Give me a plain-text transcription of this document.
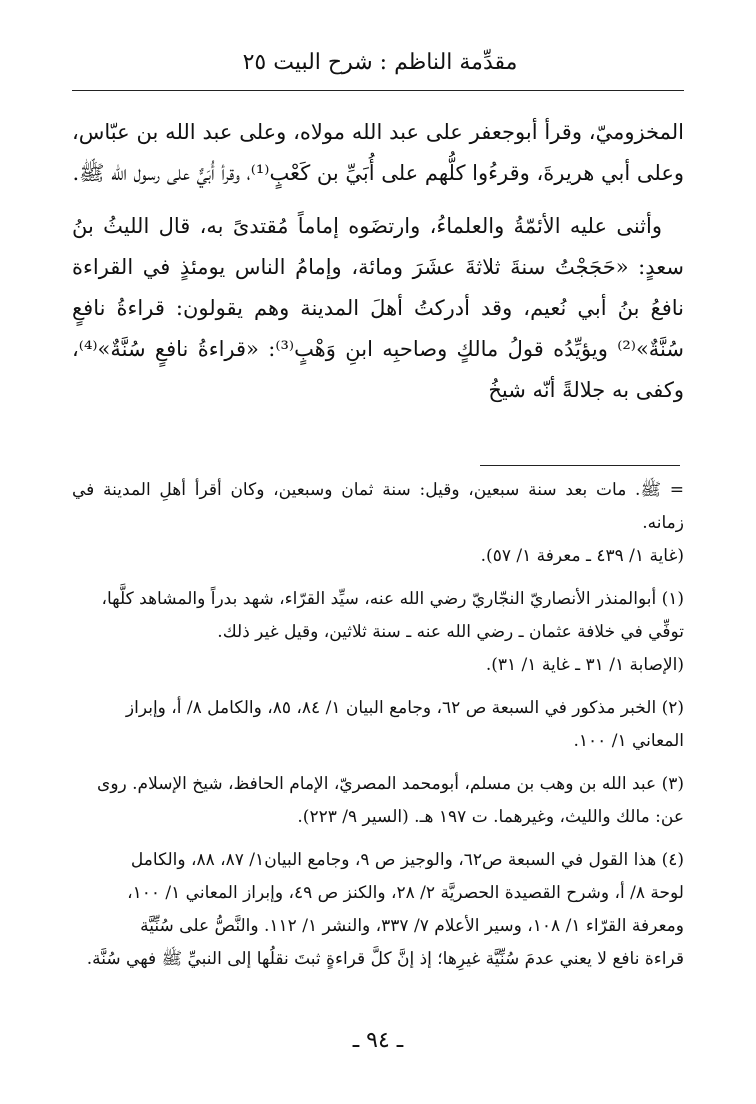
مقدِّمة الناظم : شرح البيت ٢٥

المخزوميّ، وقرأ أبوجعفر على عبد الله مولاه، وعلى عبد الله بن عبّاس، وعلى أبي هريرةَ، وقرءُوا كلُّهم على أُبَيِّ بن كَعْبٍ⁽¹⁾، وقرأ أُبَيٌّ على رسول الله ﷺ.

وأثنى عليه الأئمّةُ والعلماءُ، وارتضَوه إماماً مُقتدىً به، قال الليثُ بنُ سعدٍ: «حَجَجْتُ سنةَ ثلاثةَ عشَرَ ومائة، وإمامُ الناس يومئذٍ في القراءة نافعُ بنُ أبي نُعيم، وقد أدركتُ أهلَ المدينة وهم يقولون: قراءةُ نافعٍ سُنَّةٌ»⁽²⁾ ويؤيِّدُه قولُ مالكٍ وصاحبِه ابنِ وَهْبٍ⁽³⁾: «قراءةُ نافعٍ سُنَّةٌ»⁽⁴⁾، وكفى به جلالةً أنّه شيخُ

= ﷺ. مات بعد سنة سبعين، وقيل: سنة ثمان وسبعين، وكان أقرأ أهلِ المدينة في زمانه.
(غاية ١/ ٤٣٩ ـ معرفة ١/ ٥٧).
(١) أبوالمنذر الأنصاريّ النجّاريّ رضي الله عنه، سيِّد القرّاء، شهد بدراً والمشاهد كلَّها،
توفِّي في خلافة عثمان ـ رضي الله عنه ـ سنة ثلاثين، وقيل غير ذلك.
(الإصابة ١/ ٣١ ـ غاية ١/ ٣١).
(٢) الخبر مذكور في السبعة ص ٦٢، وجامع البيان ١/ ٨٤، ٨٥، والكامل ٨/ أ، وإبراز
المعاني ١/ ١٠٠.
(٣) عبد الله بن وهب بن مسلم، أبومحمد المصريّ، الإمام الحافظ، شيخ الإسلام. روى
عن: مالك والليث، وغيرهما. ت ١٩٧ هـ. (السير ٩/ ٢٢٣).
(٤) هذا القول في السبعة ص٦٢، والوجيز ص ٩، وجامع البيان١/ ٨٧، ٨٨، والكامل
لوحة ٨/ أ، وشرح القصيدة الحصريَّة ٢/ ٢٨، والكنز ص ٤٩، وإبراز المعاني ١/ ١٠٠،
ومعرفة القرّاء ١/ ١٠٨، وسير الأعلام ٧/ ٣٣٧، والنشر ١/ ١١٢. والنَّصُّ على سُنِّيَّة
قراءة نافع لا يعني عدمَ سُنِّيَّة غيرِها؛ إذ إنَّ كلَّ قراءةٍ ثبتَ نقلُها إلى النبيِّ ﷺ فهي سُنَّة.
ـ ٩٤ ـ
